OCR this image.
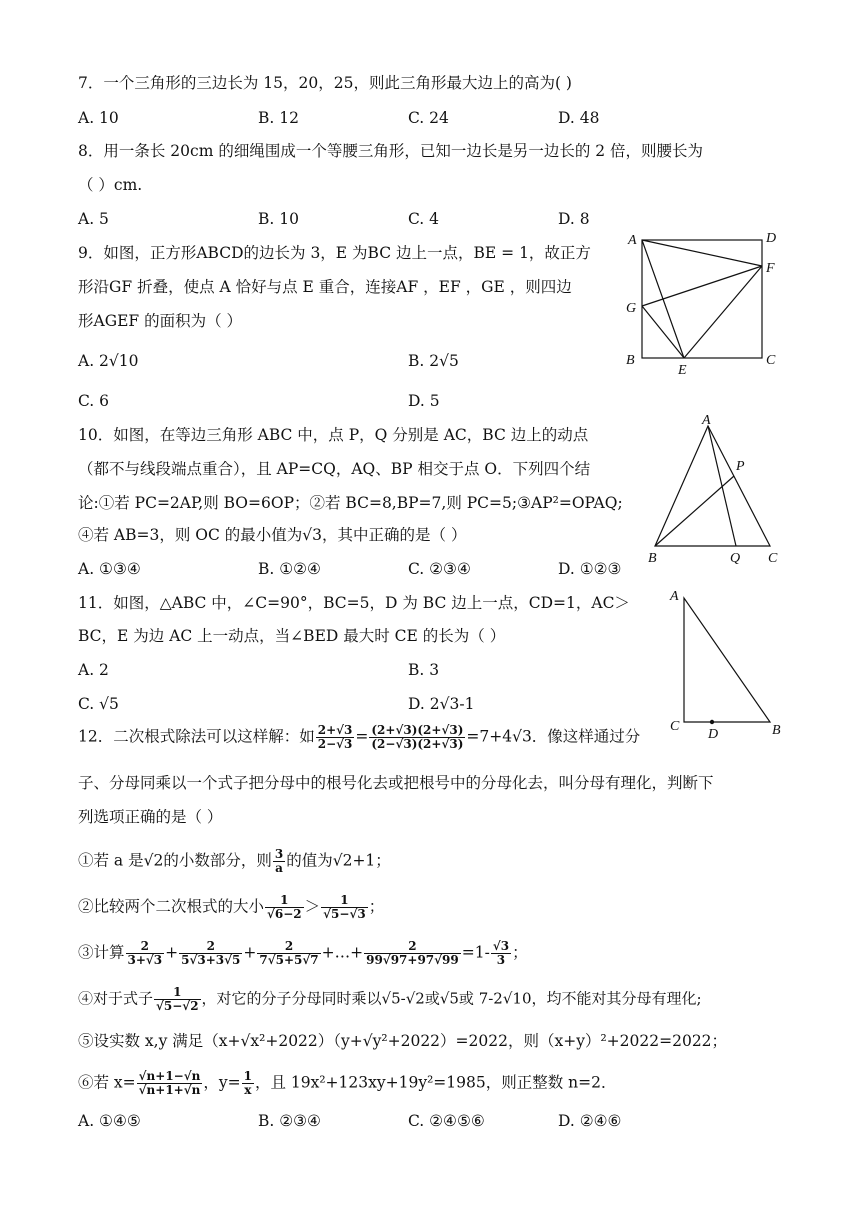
7．一个三角形的三边长为 15，20，25，则此三角形最大边上的高为( )
A. 10	B. 12	C. 24	D. 48
8．用一条长 20cm 的细绳围成一个等腰三角形，已知一边长是另一边长的 2 倍，则腰长为
（ ）cm.
A. 5	B. 10	C. 4	D. 8
9．如图，正方形ABCD的边长为 3，E 为BC 边上一点，BE = 1，故正方
形沿GF 折叠，使点 A 恰好与点 E 重合，连接AF ，EF ，GE ，则四边
形AGEF 的面积为（ ）
A. 2√10	B. 2√5
C. 6	D. 5
A	D
F
G
B
E
C
10．如图，在等边三角形 ABC 中，点 P，Q 分别是 AC，BC 边上的动点
（都不与线段端点重合），且 AP=CQ，AQ、BP 相交于点 O．下列四个结
论:①若 PC=2AP,则 BO=6OP；②若 BC=8,BP=7,则 PC=5;③AP²=OPAQ;
④若 AB=3，则 OC 的最小值为√3，其中正确的是（ ）
A. ①③④	B. ①②④	C. ②③④	D. ①②③
A
P
B	Q C
11．如图，△ABC 中，∠C=90°，BC=5，D 为 BC 边上一点，CD=1，AC＞
BC，E 为边 AC 上一动点，当∠BED 最大时 CE 的长为（ ）
A. 2	B. 3
C. √5	D. 2√3-1
A
C
D	B
12．二次根式除法可以这样解：如 $\frac{2+√3}{2-√3} = \frac{(2+√3)(2+√3)}{(2-√3)(2+√3)} =7+4√3$．像这样通过分
子、分母同乘以一个式子把分母中的根号化去或把根号中的分母化去，叫分母有理化，判断下
列选项正确的是（ ）
①若 a 是√2的小数部分，则 $\frac{3}{a}$ 的值为√2+1；
②比较两个二次根式的大小 $\frac{1}{√6-2} > \frac{1}{√5-√3}$ ；
③计算 $\frac{2}{3+√3} + \frac{2}{5√3+3√5} + \frac{2}{7√5+5√7}$ +…+ $\frac{2}{99√97+97√99} =1- \frac{√3}{3}$ ；
④对于式子 $\frac{1}{√5-√2}$ ，对它的分子分母同时乘以√5-√2或√5或 7-2√10，均不能对其分母有理化;
⑤设实数 x,y 满足（x+√x²+2022）（y+√y²+2022）=2022，则（x+y）²+2022=2022；
⑥若 $x= \frac{√n+1-√n}{√n+1+√n}$ ，$y= \frac{1}{x}$ ，且 19x²+123xy+19y²=1985，则正整数 n=2．
A. ①④⑤	B. ②③④	C. ②④⑤⑥	D. ②④⑥
